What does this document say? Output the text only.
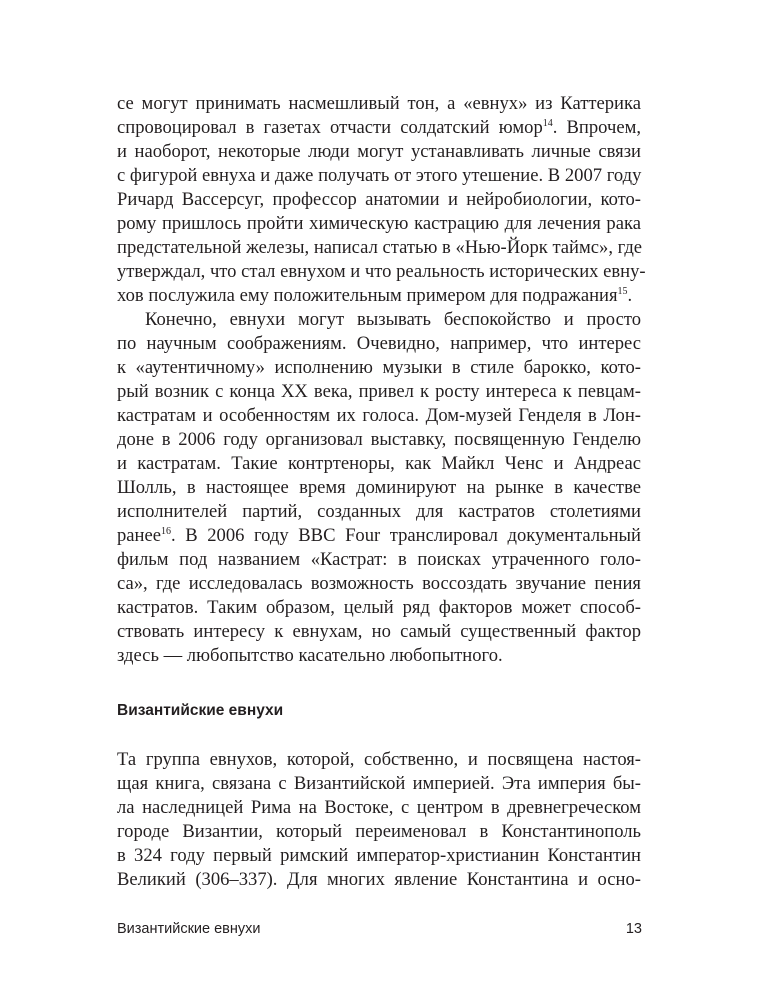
се могут принимать насмешливый тон, а «евнух» из Каттерика
спровоцировал в газетах отчасти солдатский юмор$^{14}$. Впрочем,
и наоборот, некоторые люди могут устанавливать личные связи
с фигурой евнуха и даже получать от этого утешение. В 2007 году
Ричард Вассерсуг, профессор анатомии и нейробиологии, кото-
рому пришлось пройти химическую кастрацию для лечения рака
предстательной железы, написал статью в «Нью-Йорк таймс», где
утверждал, что стал евнухом и что реальность исторических евну-
хов послужила ему положительным примером для подражания$^{15}$.
Конечно, евнухи могут вызывать беспокойство и просто
по научным соображениям. Очевидно, например, что интерес
к «аутентичному» исполнению музыки в стиле барокко, кото-
рый возник с конца XX века, привел к росту интереса к певцам-
кастратам и особенностям их голоса. Дом-музей Генделя в Лон-
доне в 2006 году организовал выставку, посвященную Генделю
и кастратам. Такие контртеноры, как Майкл Ченс и Андреас
Шолль, в настоящее время доминируют на рынке в качестве
исполнителей партий, созданных для кастратов столетиями
ранее$^{16}$. В 2006 году BBC Four транслировал документальный
фильм под названием «Кастрат: в поисках утраченного голо-
са», где исследовалась возможность воссоздать звучание пения
кастратов. Таким образом, целый ряд факторов может способ-
ствовать интересу к евнухам, но самый существенный фактор
здесь — любопытство касательно любопытного.
Византийские евнухи
Та группа евнухов, которой, собственно, и посвящена настоя-
щая книга, связана с Византийской империей. Эта империя бы-
ла наследницей Рима на Востоке, с центром в древнегреческом
городе Византии, который переименовал в Константинополь
в 324 году первый римский император-христианин Константин
Великий (306–337). Для многих явление Константина и осно-
Византийские евнухи	13
